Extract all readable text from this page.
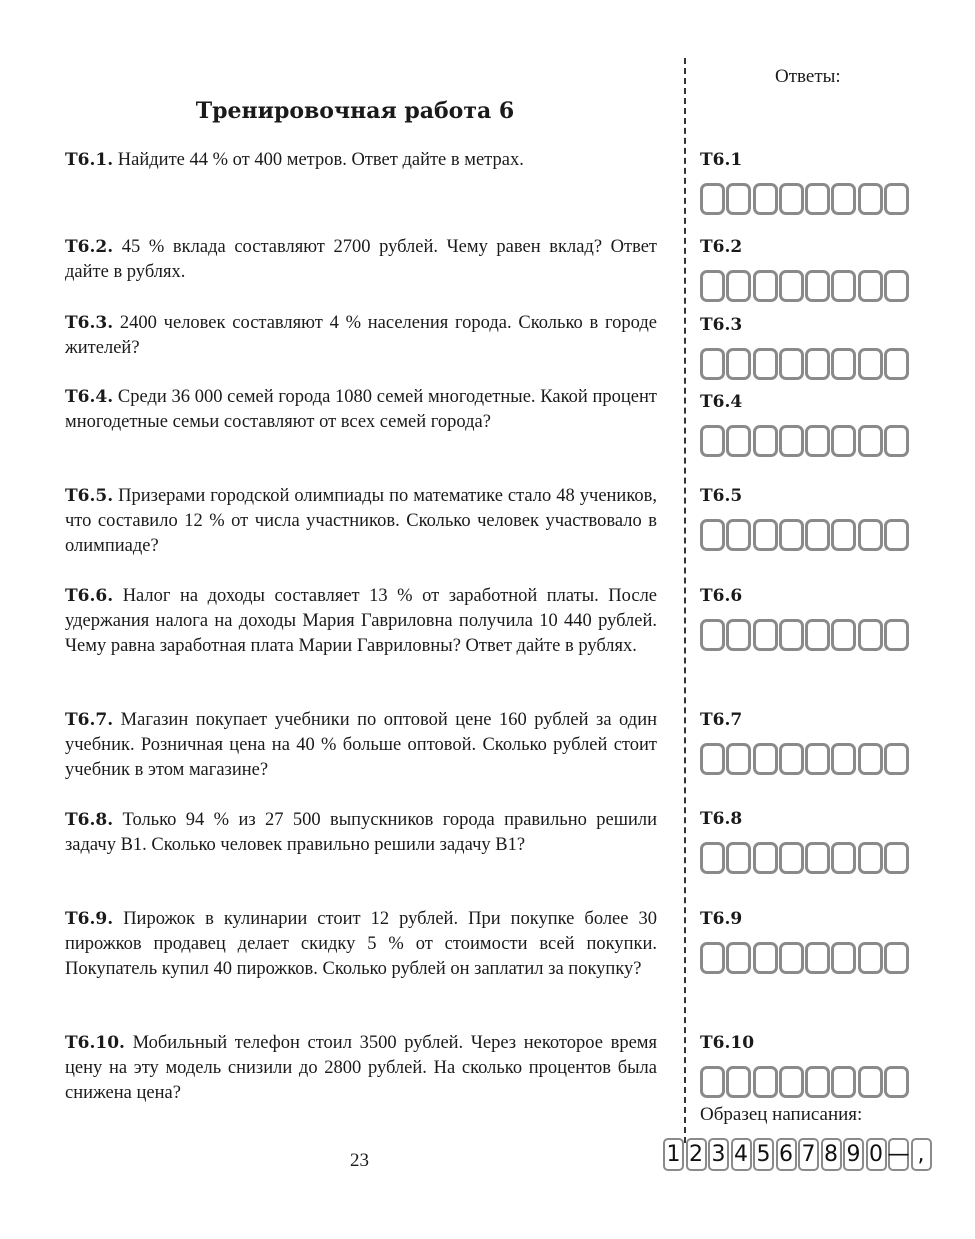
Тренировочная работа 6
Т6.1. Найдите 44 % от 400 метров. Ответ дайте в метрах.
Т6.2. 45 % вклада составляют 2700 рублей. Чему равен вклад? Ответ дайте в рублях.
Т6.3. 2400 человек составляют 4 % населения города. Сколько в городе жителей?
Т6.4. Среди 36 000 семей города 1080 семей многодетные. Какой процент многодетные семьи составляют от всех семей города?
Т6.5. Призерами городской олимпиады по математике стало 48 учеников, что составило 12 % от числа участников. Сколько человек участвовало в олимпиаде?
Т6.6. Налог на доходы составляет 13 % от заработной платы. После удержания налога на доходы Мария Гавриловна получила 10 440 рублей. Чему равна заработная плата Марии Гавриловны? Ответ дайте в рублях.
Т6.7. Магазин покупает учебники по оптовой цене 160 рублей за один учебник. Розничная цена на 40 % больше оптовой. Сколько рублей стоит учебник в этом магазине?
Т6.8. Только 94 % из 27 500 выпускников города правильно решили задачу B1. Сколько человек правильно решили задачу B1?
Т6.9. Пирожок в кулинарии стоит 12 рублей. При покупке более 30 пирожков продавец делает скидку 5 % от стоимости всей покупки. Покупатель купил 40 пирожков. Сколько рублей он заплатил за покупку?
Т6.10. Мобильный телефон стоил 3500 рублей. Через некоторое время цену на эту модель снизили до 2800 рублей. На сколько процентов была снижена цена?
Ответы:
Т6.1
Т6.2
Т6.3
Т6.4
Т6.5
Т6.6
Т6.7
Т6.8
Т6.9
Т6.10
Образец написания:
1 2 3 4 5 6 7 8 9 0 — ,
23
